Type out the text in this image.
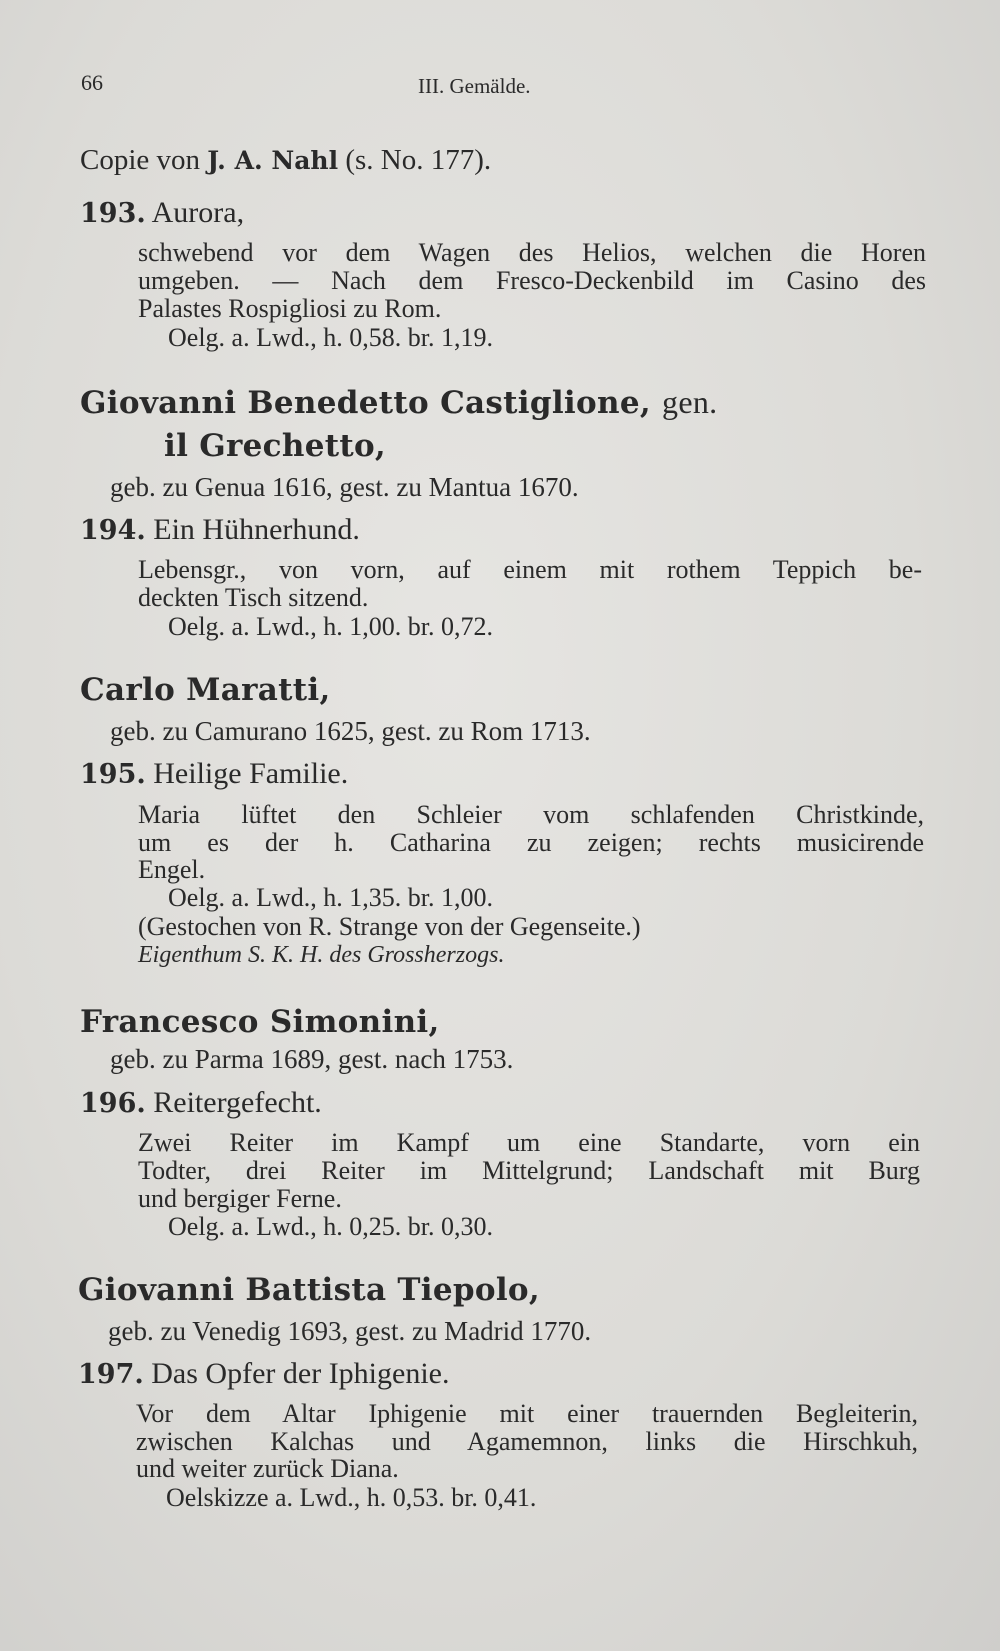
66	III. Gemälde.
Copie von J. A. Nahl (s. No. 177).
193. Aurora,
schwebend vor dem Wagen des Helios, welchen die Horen
umgeben. — Nach dem Fresco-Deckenbild im Casino des
Palastes Rospigliosi zu Rom.
Oelg. a. Lwd., h. 0,58. br. 1,19.
Giovanni Benedetto Castiglione, gen.
il Grechetto,
geb. zu Genua 1616, gest. zu Mantua 1670.
194. Ein Hühnerhund.
Lebensgr., von vorn, auf einem mit rothem Teppich be-
deckten Tisch sitzend.
Oelg. a. Lwd., h. 1,00. br. 0,72.
Carlo Maratti,
geb. zu Camurano 1625, gest. zu Rom 1713.
195. Heilige Familie.
Maria lüftet den Schleier vom schlafenden Christkinde,
um es der h. Catharina zu zeigen; rechts musicirende
Engel.
Oelg. a. Lwd., h. 1,35. br. 1,00.
(Gestochen von R. Strange von der Gegenseite.)
Eigenthum S. K. H. des Grossherzogs.
Francesco Simonini,
geb. zu Parma 1689, gest. nach 1753.
196. Reitergefecht.
Zwei Reiter im Kampf um eine Standarte, vorn ein
Todter, drei Reiter im Mittelgrund; Landschaft mit Burg
und bergiger Ferne.
Oelg. a. Lwd., h. 0,25. br. 0,30.
Giovanni Battista Tiepolo,
geb. zu Venedig 1693, gest. zu Madrid 1770.
197. Das Opfer der Iphigenie.
Vor dem Altar Iphigenie mit einer trauernden Begleiterin,
zwischen Kalchas und Agamemnon, links die Hirschkuh,
und weiter zurück Diana.
Oelskizze a. Lwd., h. 0,53. br. 0,41.
